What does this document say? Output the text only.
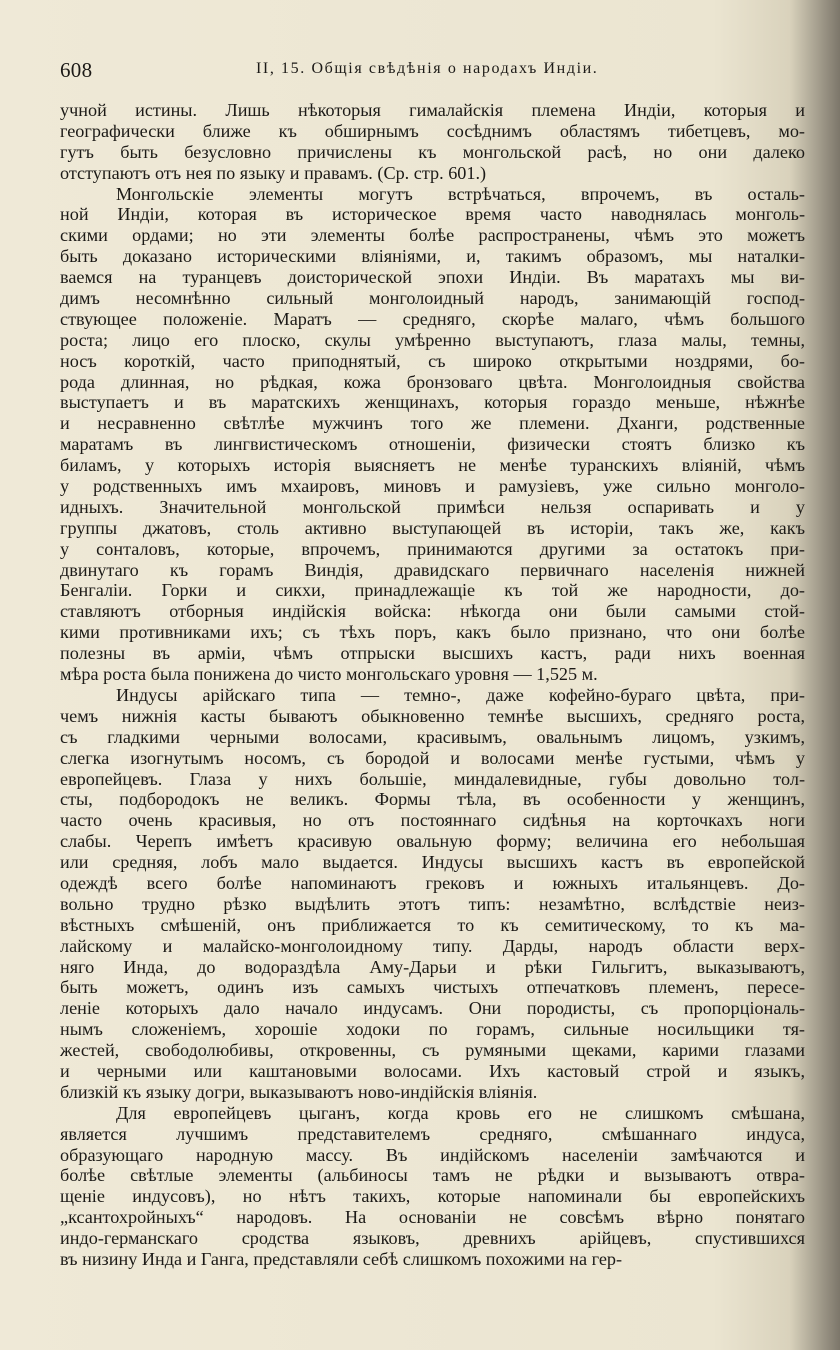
608	II, 15. Общія свѣдѣнія о народахъ Индіи.
учной истины. Лишь нѣкоторыя гималайскія племена Индіи, которыя и
географически ближе къ обширнымъ сосѣднимъ областямъ тибетцевъ, мо-
гутъ быть безусловно причислены къ монгольской расѣ, но они далеко
отступаютъ отъ нея по языку и правамъ. (Ср. стр. 601.)
Монгольскіе элементы могутъ встрѣчаться, впрочемъ, въ осталь-
ной Индіи, которая въ историческое время часто наводнялась монголь-
скими ордами; но эти элементы болѣе распространены, чѣмъ это можетъ
быть доказано историческими вліяніями, и, такимъ образомъ, мы наталки-
ваемся на туранцевъ доисторической эпохи Индіи. Въ маратахъ мы ви-
димъ несомнѣнно сильный монголоидный народъ, занимающій господ-
ствующее положеніе. Маратъ — средняго, скорѣе малаго, чѣмъ большого
роста; лицо его плоско, скулы умѣренно выступаютъ, глаза малы, темны,
носъ короткій, часто приподнятый, съ широко открытыми ноздрями, бо-
рода длинная, но рѣдкая, кожа бронзоваго цвѣта. Монголоидныя свойства
выступаетъ и въ маратскихъ женщинахъ, которыя гораздо меньше, нѣжнѣе
и несравненно свѣтлѣе мужчинъ того же племени. Дханги, родственные
маратамъ въ лингвистическомъ отношеніи, физически стоятъ близко къ
биламъ, у которыхъ исторія выясняетъ не менѣе туранскихъ вліяній, чѣмъ
у родственныхъ имъ мхаировъ, миновъ и рамузіевъ, уже сильно монголо-
идныхъ. Значительной монгольской примѣси нельзя оспаривать и у
группы джатовъ, столь активно выступающей въ исторіи, такъ же, какъ
у сонталовъ, которые, впрочемъ, принимаются другими за остатокъ при-
двинутаго къ горамъ Виндія, дравидскаго первичнаго населенія нижней
Бенгаліи. Горки и сикхи, принадлежащіе къ той же народности, до-
ставляютъ отборныя индійскія войска: нѣкогда они были самыми стой-
кими противниками ихъ; съ тѣхъ поръ, какъ было признано, что они болѣе
полезны въ арміи, чѣмъ отпрыски высшихъ кастъ, ради нихъ военная
мѣра роста была понижена до чисто монгольскаго уровня — 1,525 м.
Индусы арійскаго типа — темно-, даже кофейно-бураго цвѣта, при-
чемъ нижнія касты бываютъ обыкновенно темнѣе высшихъ, средняго роста,
съ гладкими черными волосами, красивымъ, овальнымъ лицомъ, узкимъ,
слегка изогнутымъ носомъ, съ бородой и волосами менѣе густыми, чѣмъ у
европейцевъ. Глаза у нихъ большіе, миндалевидные, губы довольно тол-
сты, подбородокъ не великъ. Формы тѣла, въ особенности у женщинъ,
часто очень красивыя, но отъ постояннаго сидѣнья на корточкахъ ноги
слабы. Черепъ имѣетъ красивую овальную форму; величина его небольшая
или средняя, лобъ мало выдается. Индусы высшихъ кастъ въ европейской
одеждѣ всего болѣе напоминаютъ грековъ и южныхъ итальянцевъ. До-
вольно трудно рѣзко выдѣлить этотъ типъ: незамѣтно, вслѣдствіе неиз-
вѣстныхъ смѣшеній, онъ приближается то къ семитическому, то къ ма-
лайскому и малайско-монголоидному типу. Дарды, народъ области верх-
няго Инда, до водораздѣла Аму-Дарьи и рѣки Гильгитъ, выказываютъ,
быть можетъ, одинъ изъ самыхъ чистыхъ отпечатковъ племенъ, пересе-
леніе которыхъ дало начало индусамъ. Они породисты, съ пропорціональ-
нымъ сложеніемъ, хорошіе ходоки по горамъ, сильные носильщики тя-
жестей, свободолюбивы, откровенны, съ румяными щеками, карими глазами
и черными или каштановыми волосами. Ихъ кастовый строй и языкъ,
близкій къ языку догри, выказываютъ ново-индійскія вліянія.
Для европейцевъ цыганъ, когда кровь его не слишкомъ смѣшана,
является лучшимъ представителемъ средняго, смѣшаннаго индуса,
образующаго народную массу. Въ индійскомъ населеніи замѣчаются и
болѣе свѣтлые элементы (альбиносы тамъ не рѣдки и вызываютъ отвра-
щеніе индусовъ), но нѣтъ такихъ, которые напоминали бы европейскихъ
„ксантохройныхъ“ народовъ. На основаніи не совсѣмъ вѣрно понятаго
индо-германскаго сродства языковъ, древнихъ арійцевъ, спустившихся
въ низину Инда и Ганга, представляли себѣ слишкомъ похожими на гер-
